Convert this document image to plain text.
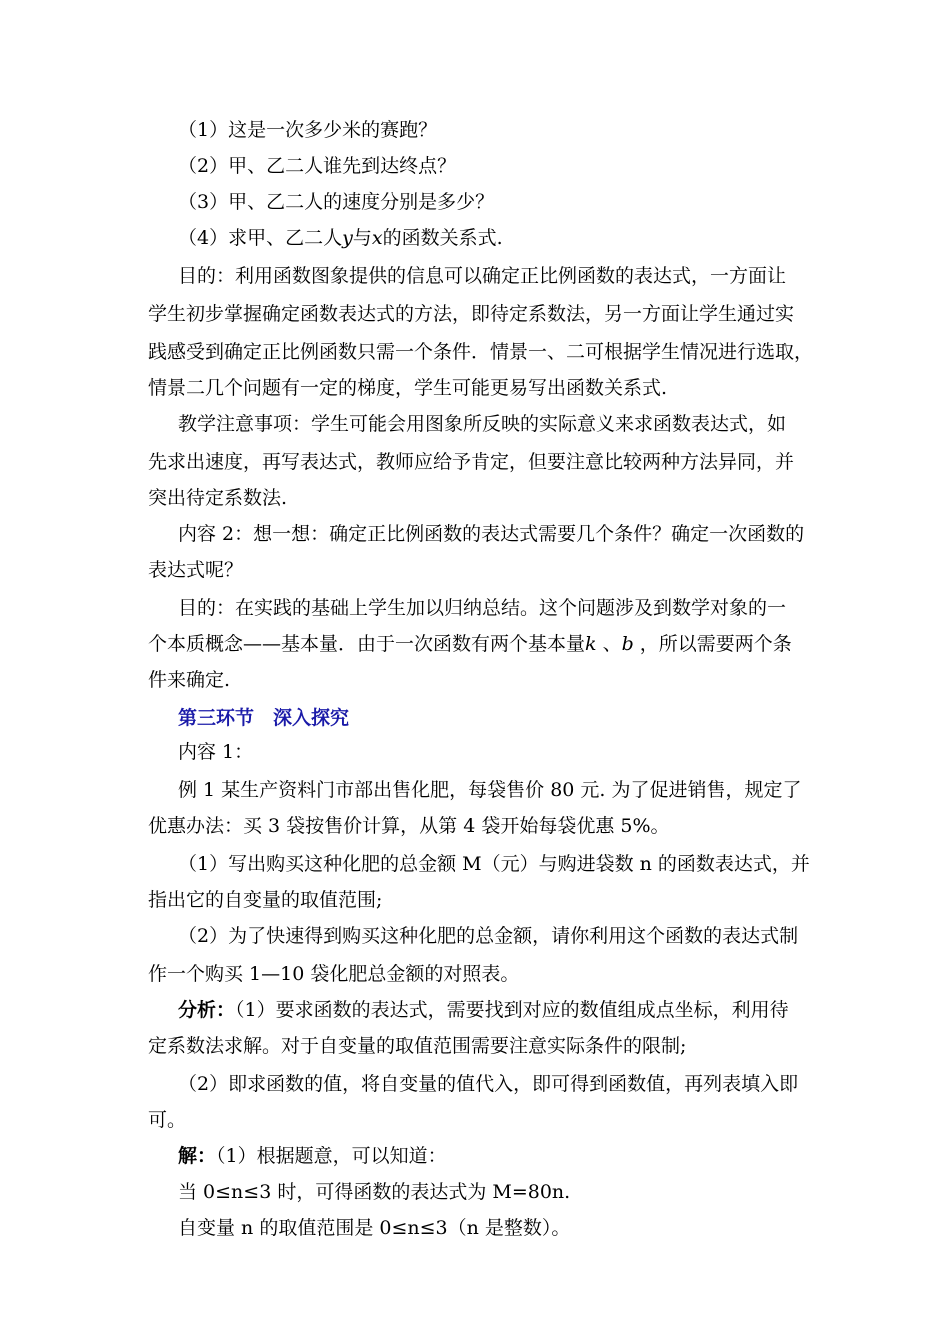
（1）这是一次多少米的赛跑？
（2）甲、乙二人谁先到达终点？
（3）甲、乙二人的速度分别是多少？
（4）求甲、乙二人y与x的函数关系式.
目的：利用函数图象提供的信息可以确定正比例函数的表达式，一方面让
学生初步掌握确定函数表达式的方法，即待定系数法，另一方面让学生通过实
践感受到确定正比例函数只需一个条件．情景一、二可根据学生情况进行选取，
情景二几个问题有一定的梯度，学生可能更易写出函数关系式.
教学注意事项：学生可能会用图象所反映的实际意义来求函数表达式，如
先求出速度，再写表达式，教师应给予肯定，但要注意比较两种方法异同，并
突出待定系数法.
内容 2：想一想：确定正比例函数的表达式需要几个条件？确定一次函数的
表达式呢？
目的：在实践的基础上学生加以归纳总结。这个问题涉及到数学对象的一
个本质概念——基本量．由于一次函数有两个基本量k 、b ，所以需要两个条
件来确定.
第三环节　深入探究
内容 1：
例 1 某生产资料门市部出售化肥，每袋售价 80 元. 为了促进销售，规定了
优惠办法：买 3 袋按售价计算，从第 4 袋开始每袋优惠 5%。
（1）写出购买这种化肥的总金额 M（元）与购进袋数 n 的函数表达式，并
指出它的自变量的取值范围;
（2）为了快速得到购买这种化肥的总金额，请你利用这个函数的表达式制
作一个购买 1—10 袋化肥总金额的对照表。
分析：（1）要求函数的表达式，需要找到对应的数值组成点坐标，利用待
定系数法求解。对于自变量的取值范围需要注意实际条件的限制;
（2）即求函数的值，将自变量的值代入，即可得到函数值，再列表填入即
可。
解：（1）根据题意，可以知道：
当 0≤n≤3 时，可得函数的表达式为 M=80n.
自变量 n 的取值范围是 0≤n≤3（n 是整数）。
